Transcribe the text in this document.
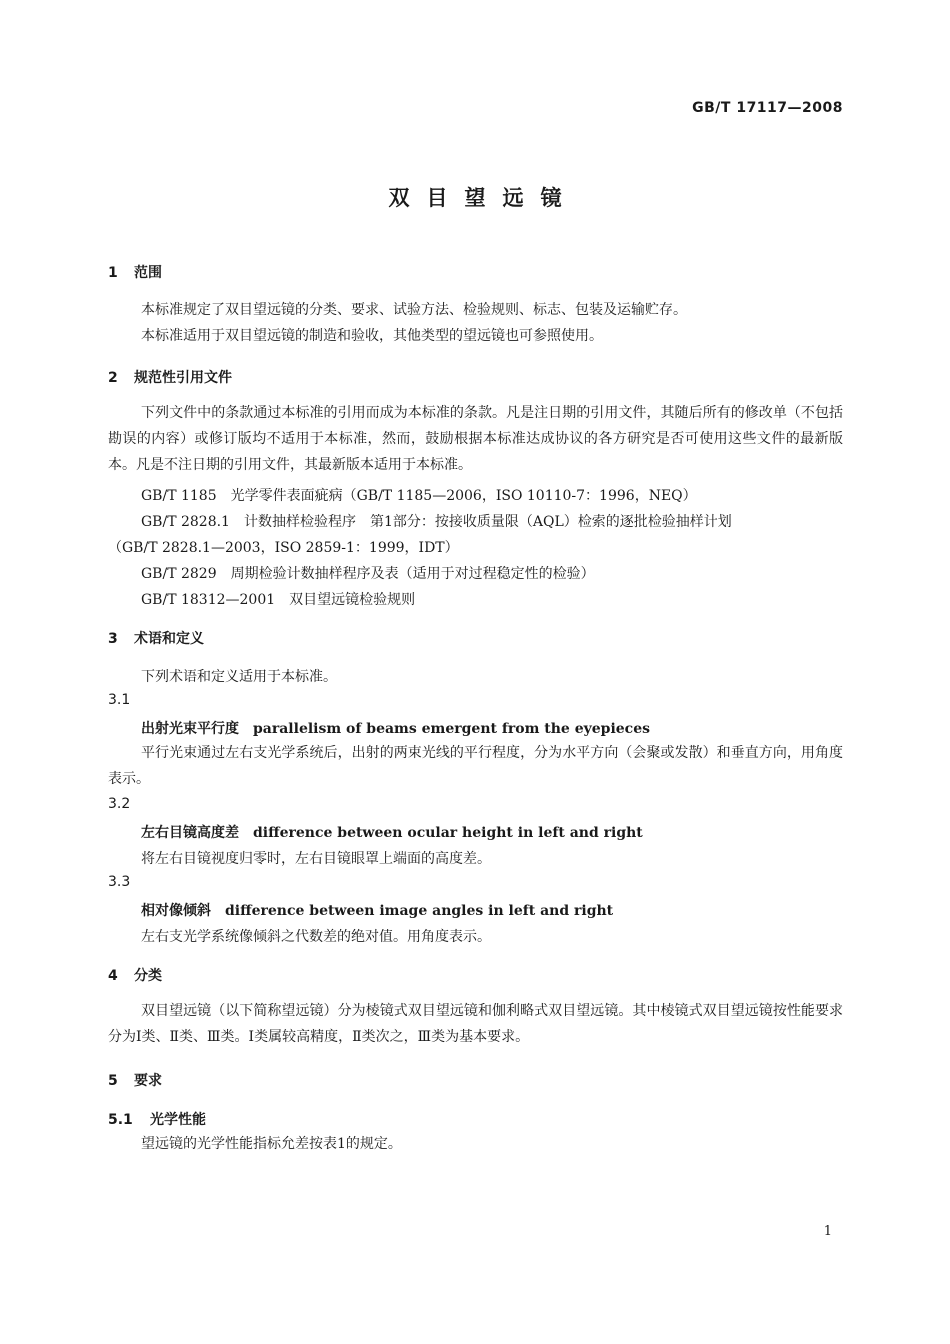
GB/T 17117—2008
双目望远镜
1 范围
本标准规定了双目望远镜的分类、要求、试验方法、检验规则、标志、包装及运输贮存。
本标准适用于双目望远镜的制造和验收，其他类型的望远镜也可参照使用。
2 规范性引用文件
下列文件中的条款通过本标准的引用而成为本标准的条款。凡是注日期的引用文件，其随后所有的修改单（不包括勘误的内容）或修订版均不适用于本标准，然而，鼓励根据本标准达成协议的各方研究是否可使用这些文件的最新版本。凡是不注日期的引用文件，其最新版本适用于本标准。
GB/T 1185　光学零件表面疵病（GB/T 1185—2006，ISO 10110-7：1996，NEQ）
GB/T 2828.1　计数抽样检验程序　第1部分：按接收质量限（AQL）检索的逐批检验抽样计划
（GB/T 2828.1—2003，ISO 2859-1：1999，IDT）
GB/T 2829　周期检验计数抽样程序及表（适用于对过程稳定性的检验）
GB/T 18312—2001　双目望远镜检验规则
3 术语和定义
下列术语和定义适用于本标准。
3.1
出射光束平行度 parallelism of beams emergent from the eyepieces
平行光束通过左右支光学系统后，出射的两束光线的平行程度，分为水平方向（会聚或发散）和垂直方向，用角度表示。
3.2
左右目镜高度差 difference between ocular height in left and right
将左右目镜视度归零时，左右目镜眼罩上端面的高度差。
3.3
相对像倾斜 difference between image angles in left and right
左右支光学系统像倾斜之代数差的绝对值。用角度表示。
4 分类
双目望远镜（以下简称望远镜）分为棱镜式双目望远镜和伽利略式双目望远镜。其中棱镜式双目望远镜按性能要求分为Ⅰ类、Ⅱ类、Ⅲ类。Ⅰ类属较高精度，Ⅱ类次之，Ⅲ类为基本要求。
5 要求
5.1 光学性能
望远镜的光学性能指标允差按表1的规定。
1
